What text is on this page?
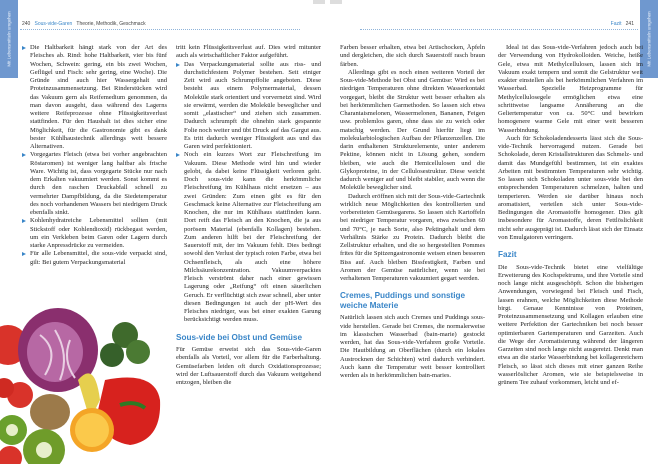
Mit Lebensmitteln umgehen	Mit Lebensmitteln umgehen
240 Sous-vide-Garen Theorie, Methodik, Geschmack	Fazit 241

Die Haltbarkeit hängt stark von der Art des Fleisches ab. Rind: hohe Haltbarkeit, vier bis fünf Wochen, Schwein: gering, ein bis zwei Wochen, Geflügel und Fisch: sehr gering, eine Woche). Die Gründe sind auch hier Wassergehalt und Proteinzusammensetzung. Bei Rinderstücken wird das Vakuum gern als Reifemedium genommen, da man davon ausgeht, dass während des Lagerns weitere Reifeprozesse ohne Flüssigkeitsverlust stattfinden. Für den Haushalt ist dies sicher eine Möglichkeit, für die Gastronomie gibt es dank bester Kühlhaustechnik allerdings weit bessere Alternativen.

Vorgegartes Fleisch (etwa bei vorher angebrachten Röstaromen) ist weniger lang haltbar als frische Ware. Wichtig ist, dass vorgegarte Stücke nur nach dem Erkalten vakuumiert werden. Sonst kommt es durch den raschen Druckabfall schnell zu vermehrter Dampfbildung, da die Siedetemperatur des noch vorhandenen Wassers bei niedrigem Druck ebenfalls sinkt.

Kohlenhydratreiche Lebensmittel sollten (mit Stickstoff oder Kohlendioxid) rückbegast werden, um ein Verkleben beim Garen oder Lagern durch starke Anpressdrücke zu vermeiden.

Für alle Lebensmittel, die sous-vide verpackt sind, gilt: Bei gutem Verpackungsmaterial

tritt kein Flüssigkeitsverlust auf. Dies wird mitunter auch als wirtschaftlicher Faktor aufgeführt.

Das Verpackungsmaterial sollte aus riss- und durchstichfestem Polymer bestehen. Seit einiger Zeit wird auch Schrumpffolie angeboten. Diese besteht aus einem Polymermaterial, dessen Moleküle stark orientiert und vorvernetzt sind. Wird sie erwärmt, werden die Moleküle beweglicher und somit „elastischer“ und ziehen sich zusammen. Dadurch schrumpft die ohnehin stark gespannte Folie noch weiter und übt Druck auf das Gargut aus. Es tritt dadurch weniger Flüssigkeit aus und das Garen wird perfektioniert.

Noch ein kurzes Wort zur Fleischreifung im Vakuum. Diese Methode wird hin und wieder gelobt, da dabei keine Flüssigkeit verloren geht. Doch sous-vide kann die herkömmliche Fleischreifung im Kühlhaus nicht ersetzen – aus zwei Gründen: Zum einen gibt es für den Geschmack keine Alternative zur Fleischreifung am Knochen, die nur im Kühlhaus stattfinden kann. Dort reift das Fleisch an den Knochen, die ja aus porösem Material (ebenfalls Kollagen) bestehen. Zum anderen hilft bei der Fleischreifung der Sauerstoff mit, der im Vakuum fehlt. Dies bedingt sowohl den Verlust der typisch roten Farbe, etwa bei Ochsenfleisch, als auch eine höhere Milchsäurekonzentration. Vakuumverpacktes Fleisch verströmt daher nach einer gewissen Lagerung oder „Reifung“ oft einen säuerlichen Geruch. Er verflüchtigt sich zwar schnell, aber unter diesen Bedingungen ist auch der pH-Wert des Fleisches niedriger, was bei einer exakten Garung berücksichtigt werden muss.

Sous-vide bei Obst und Gemüse

Für Gemüse erweist sich das Sous-vide-Garen ebenfalls als Vorteil, vor allem für die Farberhaltung. Gemüsefarben leiden oft durch Oxidationsprozesse; wird der Luftsauerstoff durch das Vakuum weitgehend entzogen, bleiben die

Farben besser erhalten, etwa bei Artischocken, Äpfeln und dergleichen, die sich durch Sauerstoff rasch braun färben.

Allerdings gibt es noch einen weiteren Vorteil der Sous-vide-Methode bei Obst und Gemüse: Wird es bei niedrigen Temperaturen ohne direkten Wasserkontakt vorgegart, bleibt die Struktur weit besser erhalten als bei herkömmlichen Garmethoden. So lassen sich etwa Charantaismelonen, Wassermelonen, Bananen, Feigen usw. problemlos garen, ohne dass sie zu weich oder matschig werden. Der Grund hierfür liegt im molekularbiologischen Aufbau der Pflanzenzellen. Die darin enthaltenen Strukturelemente, unter anderem Pektine, können nicht in Lösung gehen, sondern bleiben, wie auch die Hemicellulosen und die Glykoproteine, in der Cellulosestruktur. Diese weicht dadurch weniger auf und bleibt stabiler, auch wenn die Moleküle beweglicher sind.

Dadurch eröffnen sich mit der Sous-vide-Gartechnik wirklich neue Möglichkeiten des kontrollierten und vorbereiteten Gemüsegarens. So lassen sich Kartoffeln bei niedriger Temperatur vorgaren, etwa zwischen 60 und 70°C, je nach Sorte, also Pektingehalt und dem Verhältnis Stärke zu Protein. Dadurch bleibt die Zellstruktur erhalten, und die so hergestellten Pommes frites für die Spitzengastronomie weisen einen besseren Biss auf. Auch bleiben Bissfestigkeit, Farben und Aromen der Gemüse natürlicher, wenn sie bei verhaltenen Temperaturen vakuumiert gegart werden.

Cremes, Puddings und sonstige weiche Materie

Natürlich lassen sich auch Cremes und Puddings sous-vide herstellen. Gerade bei Cremes, die normalerweise im klassischen Wasserbad (bain-marie) gestockt werden, hat das Sous-vide-Verfahren große Vorteile. Die Hautbildung an Oberflächen (durch ein lokales Austrocknen der Schichten) wird dadurch verhindert. Auch kann die Temperatur weit besser kontrolliert werden als in herkömmlichen bain-maries.

Ideal ist das Sous-vide-Verfahren jedoch auch bei der Verwendung von Hydrokolloiden. Weiche, heiße Gele, etwa mit Methylcellulosen, lassen sich im Vakuum exakt tempern und somit die Gelstruktur weit exakter einstellen als bei herkömmlichen Verfahren im Wasserbad. Spezielle Heizprogramme für Methylcellulosegele ermöglichen etwa eine schrittweise langsame Annäherung an die Geliertemperatur von ca. 50°C und bewirken homogenere warme Gele mit einer weit besseren Wasserbindung.

Auch für Schokoladendesserts lässt sich die Sous-vide-Technik hervorragend nutzen. Gerade bei Schokolade, deren Kristallstrukturen das Schmelz- und damit das Mundgefühl bestimmen, ist ein exaktes Arbeiten mit bestimmten Temperaturen sehr wichtig. So lassen sich Schokoladen unter sous-vide bei den entsprechenden Temperaturen schmelzen, halten und temperieren. Werden sie darüber hinaus noch aromatisiert, verteilen sich unter Sous-vide-Bedingungen die Aromastoffe homogener. Dies gilt insbesondere für Aromastoffe, deren Fettlöslichkeit nicht sehr ausgeprägt ist. Dadurch lässt sich der Einsatz von Emulgatoren verringern.

Fazit

Die Sous-vide-Technik bietet eine vielfältige Erweiterung des Kochspektrums, und ihre Vorteile sind noch lange nicht ausgeschöpft. Schon die bisherigen Anwendungen, vorwiegend bei Fleisch und Fisch, lassen erahnen, welche Möglichkeiten diese Methode birgt. Genaue Kenntnisse von Proteinen, Proteinzusammensetzung und Kollagen erlauben eine weitere Perfektion der Gartechniken bei noch besser optimierbaren Gartemperaturen und Garzeiten. Auch die Wege der Aromatisierung während der längeren Garzeiten sind noch lange nicht ausgereizt. Denkt man etwa an die starke Wasserbindung bei kollagenreichem Fleisch, so lässt sich dieses mit einer ganzen Reihe wasserlöslicher Aromen, wie sie beispielsweise in grünem Tee zuhauf vorkommen, leicht und ef-
